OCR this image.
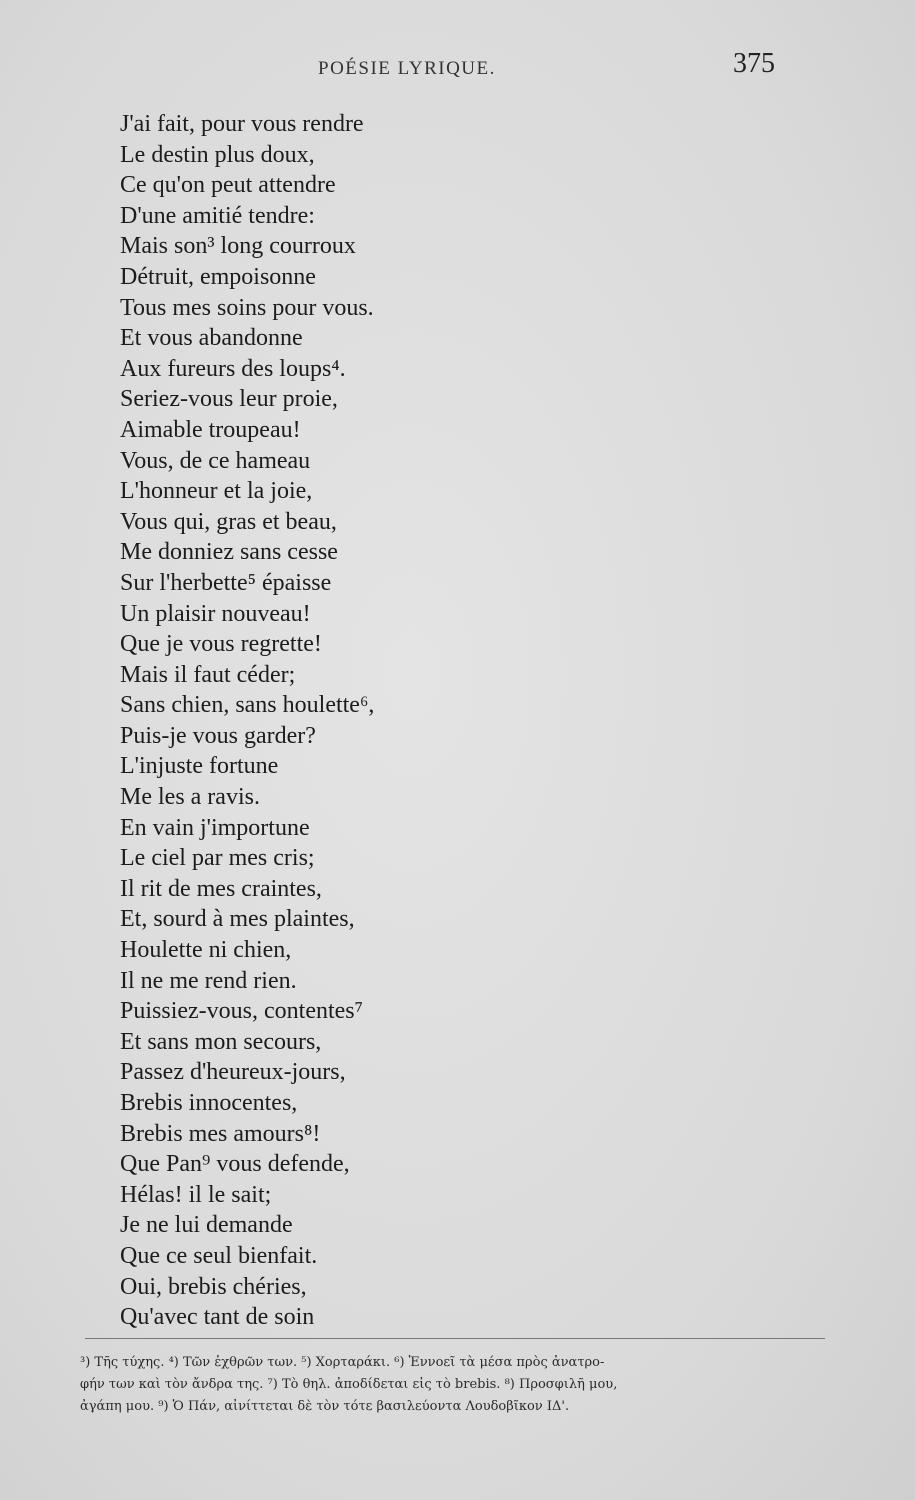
POÉSIE LYRIQUE.	375
J'ai fait, pour vous rendre
Le destin plus doux,
Ce qu'on peut attendre
D'une amitié tendre:
Mais son³ long courroux
Détruit, empoisonne
Tous mes soins pour vous.
Et vous abandonne
Aux fureurs des loups⁴.
Seriez-vous leur proie,
Aimable troupeau!
Vous, de ce hameau
L'honneur et la joie,
Vous qui, gras et beau,
Me donniez sans cesse
Sur l'herbette⁵ épaisse
Un plaisir nouveau!
Que je vous regrette!
Mais il faut céder;
Sans chien, sans houlette⁶,
Puis-je vous garder?
L'injuste fortune
Me les a ravis.
En vain j'importune
Le ciel par mes cris;
Il rit de mes craintes,
Et, sourd à mes plaintes,
Houlette ni chien,
Il ne me rend rien.
Puissiez-vous, contentes⁷
Et sans mon secours,
Passez d'heureux-jours,
Brebis innocentes,
Brebis mes amours⁸!
Que Pan⁹ vous defende,
Hélas! il le sait;
Je ne lui demande
Que ce seul bienfait.
Oui, brebis chéries,
Qu'avec tant de soin
³) Τῆς τύχης. ⁴) Τῶν ἐχθρῶν των. ⁵) Χορταράκι. ⁶) Ἐννοεῖ τὰ μέσα πρὸς ἀνατρο-
φήν των καὶ τὸν ἄνδρα της. ⁷) Τὸ θηλ. ἀποδίδεται εἰς τὸ brebis. ⁸) Προσφιλῆ μου,
ἀγάπη μου. ⁹) Ὁ Πάν, αἰνίττεται δὲ τὸν τότε βασιλεύοντα Λουδοβῖκον ΙΔ'.
